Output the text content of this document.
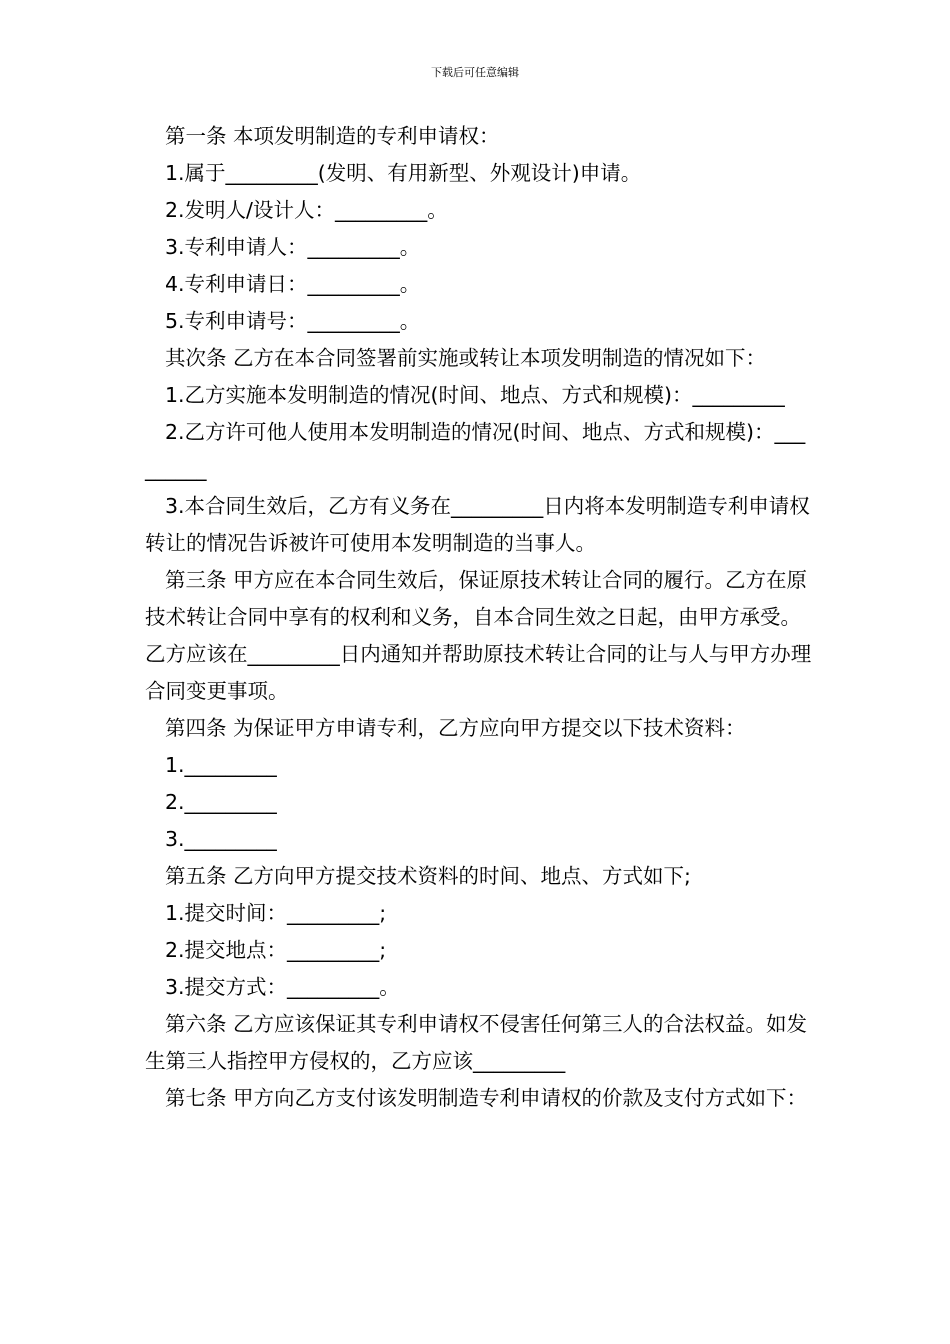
下载后可任意编辑

第一条 本项发明制造的专利申请权：

1.属于_________(发明、有用新型、外观设计)申请。

2.发明人/设计人：_________。

3.专利申请人：_________。

4.专利申请日：_________。

5.专利申请号：_________。

其次条 乙方在本合同签署前实施或转让本项发明制造的情况如下：

1.乙方实施本发明制造的情况(时间、地点、方式和规模)：_________

2.乙方许可他人使用本发明制造的情况(时间、地点、方式和规模)：_________

3.本合同生效后，乙方有义务在_________日内将本发明制造专利申请权转让的情况告诉被许可使用本发明制造的当事人。

第三条 甲方应在本合同生效后，保证原技术转让合同的履行。乙方在原技术转让合同中享有的权利和义务，自本合同生效之日起，由甲方承受。乙方应该在_________日内通知并帮助原技术转让合同的让与人与甲方办理合同变更事项。

第四条 为保证甲方申请专利，乙方应向甲方提交以下技术资料：

1._________

2._________

3._________

第五条 乙方向甲方提交技术资料的时间、地点、方式如下;

1.提交时间：_________;

2.提交地点：_________;

3.提交方式：_________。

第六条 乙方应该保证其专利申请权不侵害任何第三人的合法权益。如发生第三人指控甲方侵权的，乙方应该_________

第七条 甲方向乙方支付该发明制造专利申请权的价款及支付方式如下：
